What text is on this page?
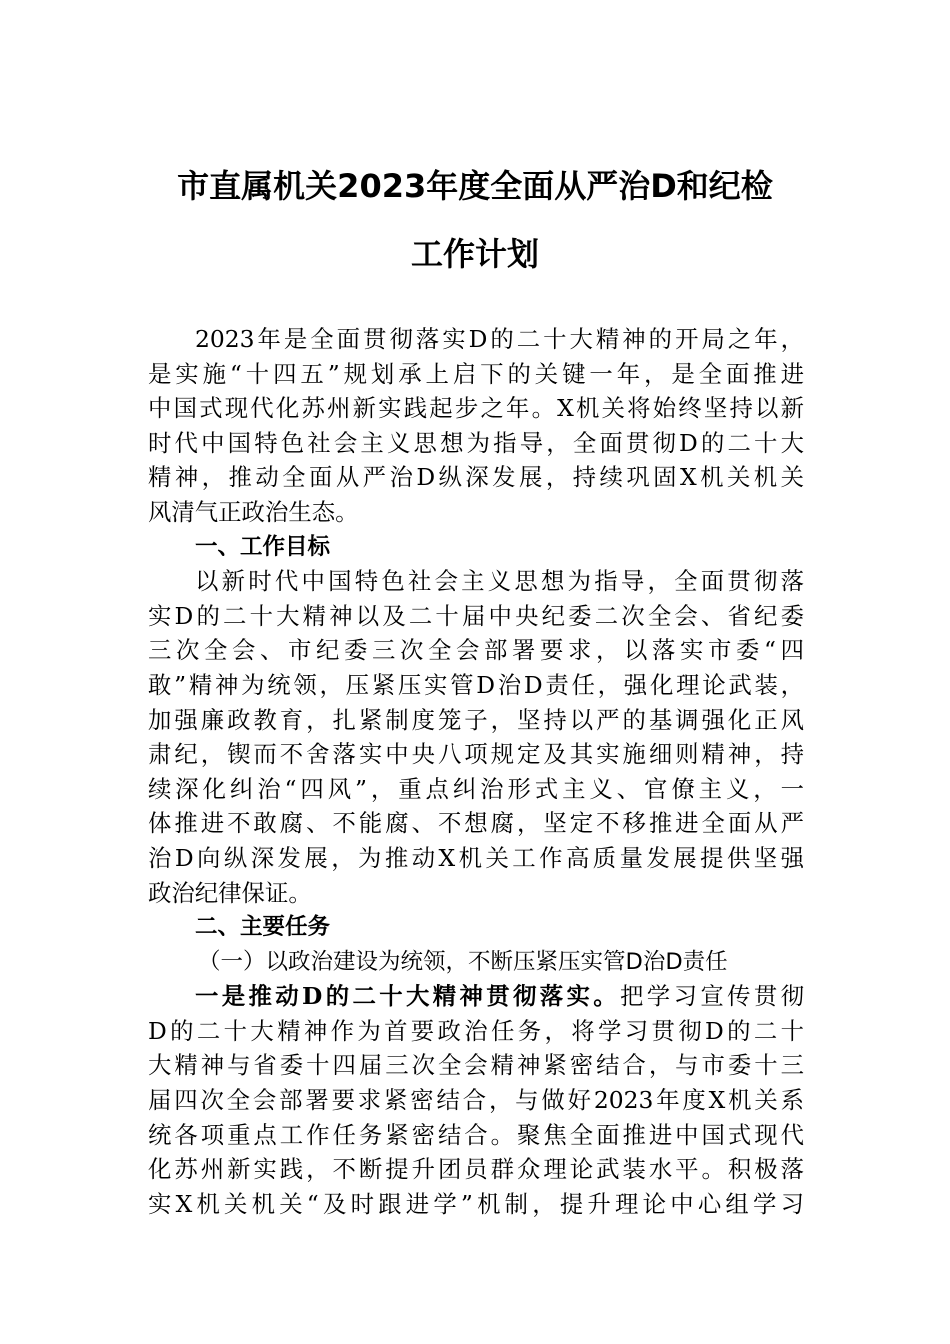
市直属机关2023年度全面从严治D和纪检
工作计划
2023年是全面贯彻落实D的二十大精神的开局之年，
是实施“十四五”规划承上启下的关键一年，是全面推进
中国式现代化苏州新实践起步之年。X机关将始终坚持以新
时代中国特色社会主义思想为指导，全面贯彻D的二十大
精神，推动全面从严治D纵深发展，持续巩固X机关机关
风清气正政治生态。
一、工作目标
以新时代中国特色社会主义思想为指导，全面贯彻落
实D的二十大精神以及二十届中央纪委二次全会、省纪委
三次全会、市纪委三次全会部署要求，以落实市委“四
敢”精神为统领，压紧压实管D治D责任，强化理论武装，
加强廉政教育，扎紧制度笼子，坚持以严的基调强化正风
肃纪，锲而不舍落实中央八项规定及其实施细则精神，持
续深化纠治“四风”，重点纠治形式主义、官僚主义，一
体推进不敢腐、不能腐、不想腐，坚定不移推进全面从严
治D向纵深发展，为推动X机关工作高质量发展提供坚强
政治纪律保证。
二、主要任务
（一）以政治建设为统领，不断压紧压实管D治D责任
一是推动D的二十大精神贯彻落实。把学习宣传贯彻
D的二十大精神作为首要政治任务，将学习贯彻D的二十
大精神与省委十四届三次全会精神紧密结合，与市委十三
届四次全会部署要求紧密结合，与做好2023年度X机关系
统各项重点工作任务紧密结合。聚焦全面推进中国式现代
化苏州新实践，不断提升团员群众理论武装水平。积极落
实X机关机关“及时跟进学”机制，提升理论中心组学习
